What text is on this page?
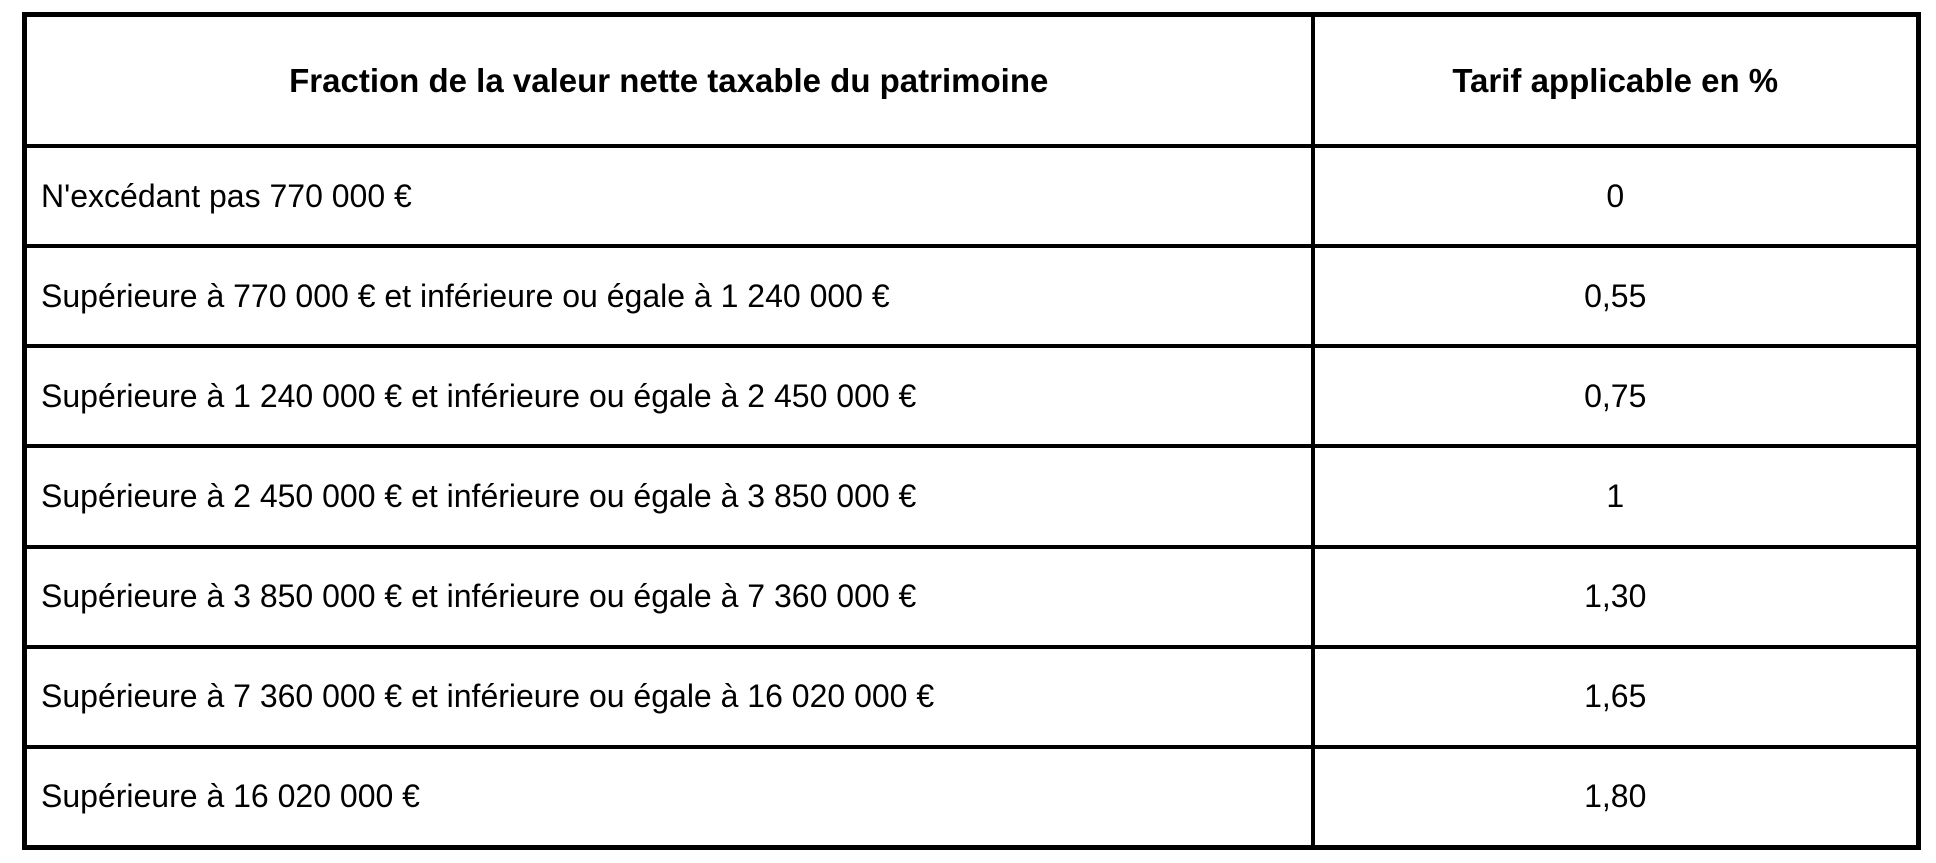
Fraction de la valeur nette taxable du patrimoine	Tarif applicable en %
N'excédant pas 770 000 €	0
Supérieure à 770 000 € et inférieure ou égale à 1 240 000 €	0,55
Supérieure à 1 240 000 € et inférieure ou égale à 2 450 000 €	0,75
Supérieure à 2 450 000 € et inférieure ou égale à 3 850 000 €	1
Supérieure à 3 850 000 € et inférieure ou égale à 7 360 000 €	1,30
Supérieure à 7 360 000 € et inférieure ou égale à 16 020 000 €	1,65
Supérieure à 16 020 000 €	1,80
